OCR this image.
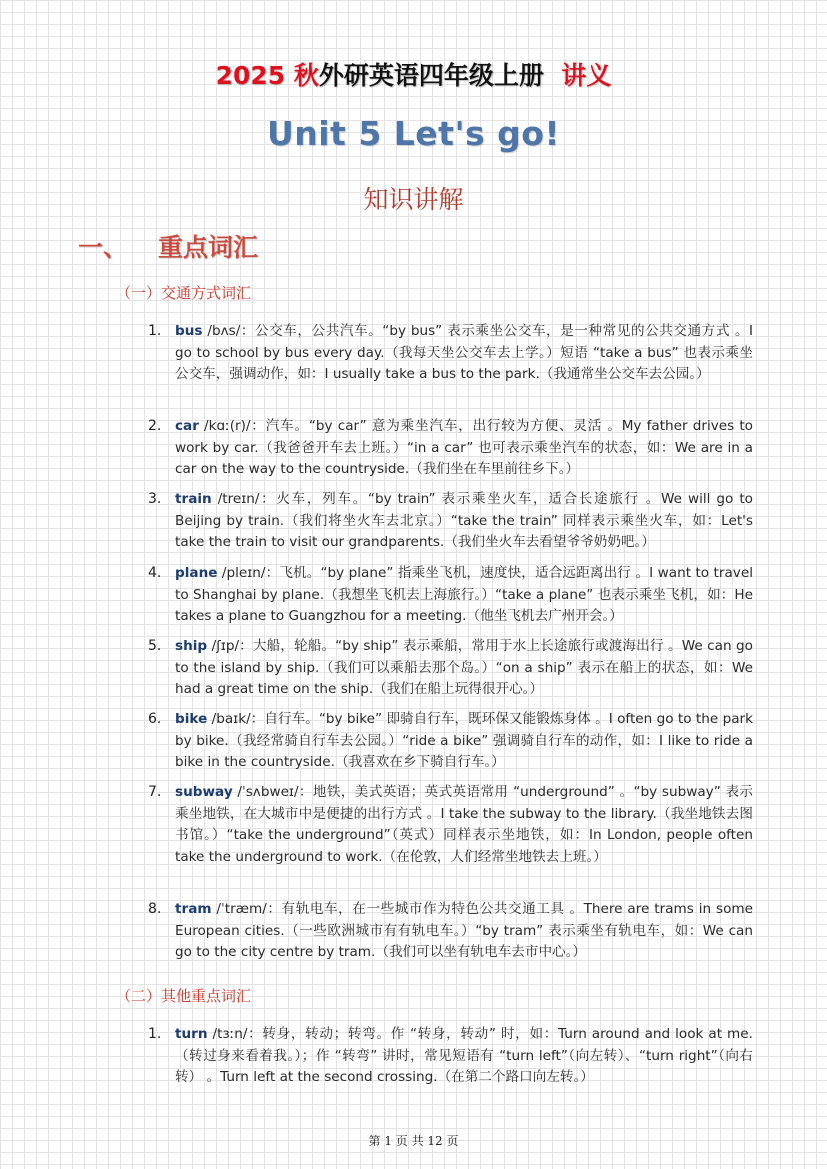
2025 秋外研英语四年级上册 讲义
Unit 5 Let's go!
知识讲解
一、 重点词汇
（一）交通方式词汇
1.	bus /bʌs/：公交车，公共汽车。“by bus” 表示乘坐公交车，是一种常见的公共交通方式 。I go to school by bus every day.（我每天坐公交车去上学。）短语 “take a bus” 也表示乘坐公交车，强调动作，如：I usually take a bus to the park.（我通常坐公交车去公园。）
2.	car /kɑː(r)/：汽车。“by car” 意为乘坐汽车，出行较为方便、灵活 。My father drives to work by car.（我爸爸开车去上班。）“in a car” 也可表示乘坐汽车的状态，如：We are in a car on the way to the countryside.（我们坐在车里前往乡下。）
3.	train /treɪn/：火车，列车。“by train” 表示乘坐火车，适合长途旅行 。We will go to Beijing by train.（我们将坐火车去北京。）“take the train” 同样表示乘坐火车，如：Let's take the train to visit our grandparents.（我们坐火车去看望爷爷奶奶吧。）
4.	plane /pleɪn/：飞机。“by plane” 指乘坐飞机，速度快，适合远距离出行 。I want to travel to Shanghai by plane.（我想坐飞机去上海旅行。）“take a plane” 也表示乘坐飞机，如：He takes a plane to Guangzhou for a meeting.（他坐飞机去广州开会。）
5.	ship /ʃɪp/：大船，轮船。“by ship” 表示乘船，常用于水上长途旅行或渡海出行 。We can go to the island by ship.（我们可以乘船去那个岛。）“on a ship” 表示在船上的状态，如：We had a great time on the ship.（我们在船上玩得很开心。）
6.	bike /baɪk/：自行车。“by bike” 即骑自行车，既环保又能锻炼身体 。I often go to the park by bike.（我经常骑自行车去公园。）“ride a bike” 强调骑自行车的动作，如：I like to ride a bike in the countryside.（我喜欢在乡下骑自行车。）
7.	subway /ˈsʌbweɪ/：地铁，美式英语；英式英语常用 “underground” 。“by subway” 表示乘坐地铁，在大城市中是便捷的出行方式 。I take the subway to the library.（我坐地铁去图书馆。）“take the underground”（英式）同样表示坐地铁，如：In London, people often take the underground to work.（在伦敦，人们经常坐地铁去上班。）
8.	tram /ˈtræm/：有轨电车，在一些城市作为特色公共交通工具 。There are trams in some European cities.（一些欧洲城市有有轨电车。）“by tram” 表示乘坐有轨电车，如：We can go to the city centre by tram.（我们可以坐有轨电车去市中心。）
（二）其他重点词汇
1.	turn /tɜːn/：转身，转动；转弯。作 “转身，转动” 时，如：Turn around and look at me.（转过身来看着我。）；作 “转弯” 讲时，常见短语有 “turn left”（向左转）、“turn right”（向右转） 。Turn left at the second crossing.（在第二个路口向左转。）
第 1 页 共 12 页
